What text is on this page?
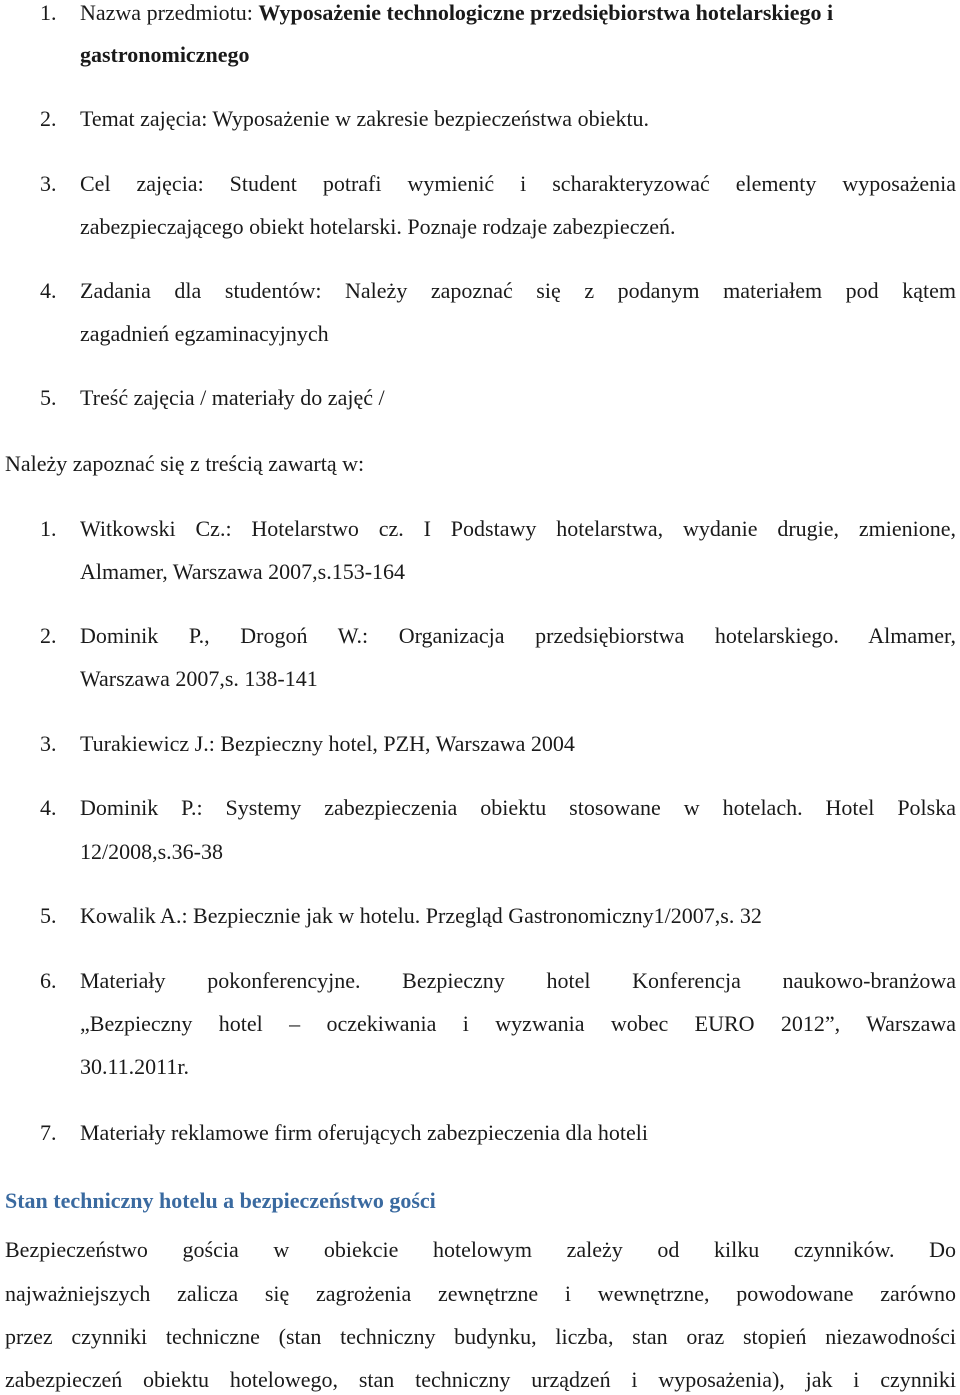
1. Nazwa przedmiotu: Wyposażenie technologiczne przedsiębiorstwa hotelarskiego i
gastronomicznego
2. Temat zajęcia: Wyposażenie w zakresie bezpieczeństwa obiektu.
3. Cel zajęcia: Student potrafi wymienić i scharakteryzować elementy wyposażenia
zabezpieczającego obiekt hotelarski. Poznaje rodzaje zabezpieczeń.
4. Zadania dla studentów: Należy zapoznać się z podanym materiałem pod kątem
zagadnień egzaminacyjnych
5. Treść zajęcia / materiały do zajęć /
Należy zapoznać się z treścią zawartą w:
1. Witkowski Cz.: Hotelarstwo cz. I Podstawy hotelarstwa, wydanie drugie, zmienione,
Almamer, Warszawa 2007,s.153-164
2. Dominik P., Drogoń W.: Organizacja przedsiębiorstwa hotelarskiego. Almamer,
Warszawa 2007,s. 138-141
3. Turakiewicz J.: Bezpieczny hotel, PZH, Warszawa 2004
4. Dominik P.: Systemy zabezpieczenia obiektu stosowane w hotelach. Hotel Polska
12/2008,s.36-38
5. Kowalik A.: Bezpiecznie jak w hotelu. Przegląd Gastronomiczny1/2007,s. 32
6. Materiały pokonferencyjne. Bezpieczny hotel Konferencja naukowo-branżowa
„Bezpieczny hotel – oczekiwania i wyzwania wobec EURO 2012”, Warszawa
30.11.2011r.
7. Materiały reklamowe firm oferujących zabezpieczenia dla hoteli
Stan techniczny hotelu a bezpieczeństwo gości
Bezpieczeństwo gościa w obiekcie hotelowym zależy od kilku czynników. Do
najważniejszych zalicza się zagrożenia zewnętrzne i wewnętrzne, powodowane zarówno
przez czynniki techniczne (stan techniczny budynku, liczba, stan oraz stopień niezawodności
zabezpieczeń obiektu hotelowego, stan techniczny urządzeń i wyposażenia), jak i czynniki
